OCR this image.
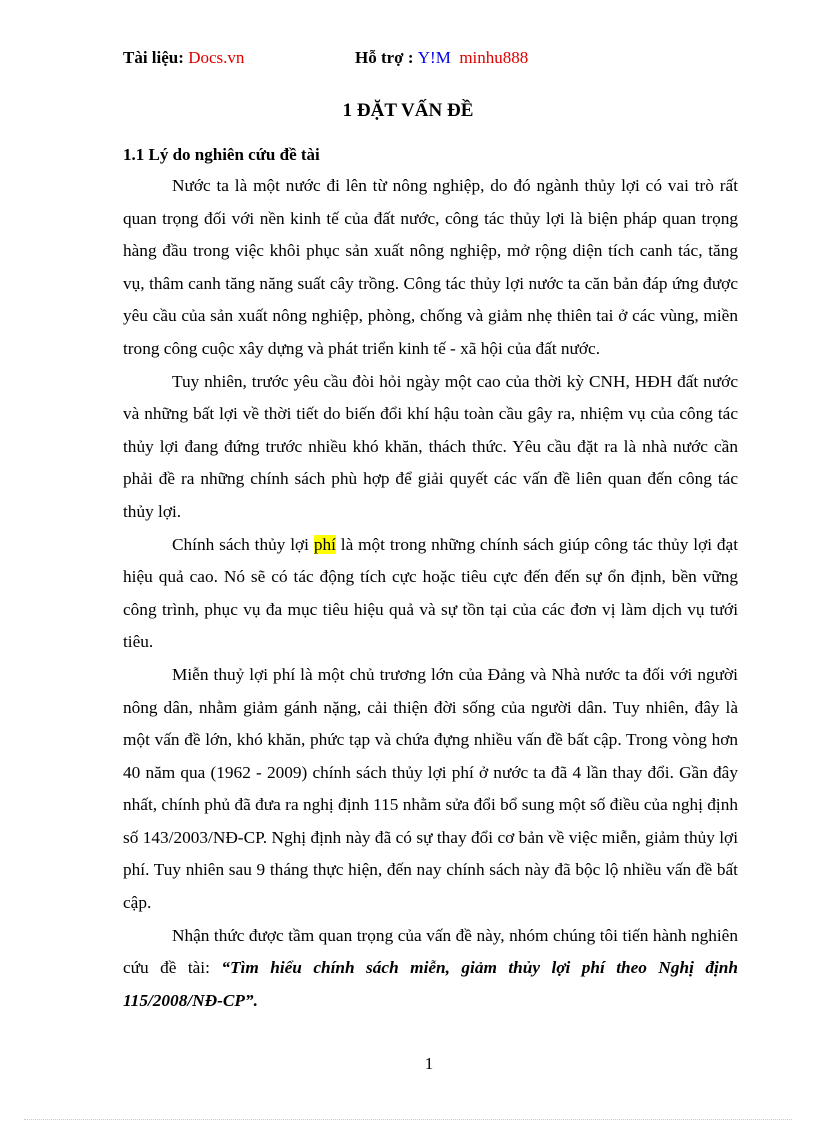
Tài liệu: Docs.vn	Hỗ trợ : Y!M minhu888
1 ĐẶT VẤN ĐỀ
1.1 Lý do nghiên cứu đề tài

Nước ta là một nước đi lên từ nông nghiệp, do đó ngành thủy lợi có vai trò rất quan trọng đối với nền kinh tế của đất nước, công tác thủy lợi là biện pháp quan trọng hàng đầu trong việc khôi phục sản xuất nông nghiệp, mở rộng diện tích canh tác, tăng vụ, thâm canh tăng năng suất cây trồng. Công tác thủy lợi nước ta căn bản đáp ứng được yêu cầu của sản xuất nông nghiệp, phòng, chống và giảm nhẹ thiên tai ở các vùng, miền trong công cuộc xây dựng và phát triển kinh tế - xã hội của đất nước.

Tuy nhiên, trước yêu cầu đòi hỏi ngày một cao của thời kỳ CNH, HĐH đất nước và những bất lợi về thời tiết do biến đổi khí hậu toàn cầu gây ra, nhiệm vụ của công tác thủy lợi đang đứng trước nhiều khó khăn, thách thức. Yêu cầu đặt ra là nhà nước cần phải đề ra những chính sách phù hợp để giải quyết các vấn đề liên quan đến công tác thủy lợi.

Chính sách thủy lợi phí là một trong những chính sách giúp công tác thủy lợi đạt hiệu quả cao. Nó sẽ có tác động tích cực hoặc tiêu cực đến đến sự ổn định, bền vững công trình, phục vụ đa mục tiêu hiệu quả và sự tồn tại của các đơn vị làm dịch vụ tưới tiêu.

Miễn thuỷ lợi phí là một chủ trương lớn của Đảng và Nhà nước ta đối với người nông dân, nhằm giảm gánh nặng, cải thiện đời sống của người dân. Tuy nhiên, đây là một vấn đề lớn, khó khăn, phức tạp và chứa đựng nhiều vấn đề bất cập. Trong vòng hơn 40 năm qua (1962 - 2009) chính sách thủy lợi phí ở nước ta đã 4 lần thay đổi. Gần đây nhất, chính phủ đã đưa ra nghị định 115 nhằm sửa đổi bổ sung một số điều của nghị định số 143/2003/NĐ-CP. Nghị định này đã có sự thay đổi cơ bản về việc miễn, giảm thủy lợi phí. Tuy nhiên sau 9 tháng thực hiện, đến nay chính sách này đã bộc lộ nhiều vấn đề bất cập.

Nhận thức được tầm quan trọng của vấn đề này, nhóm chúng tôi tiến hành nghiên cứu đề tài: “Tìm hiểu chính sách miễn, giảm thủy lợi phí theo Nghị định 115/2008/NĐ-CP”.

1
